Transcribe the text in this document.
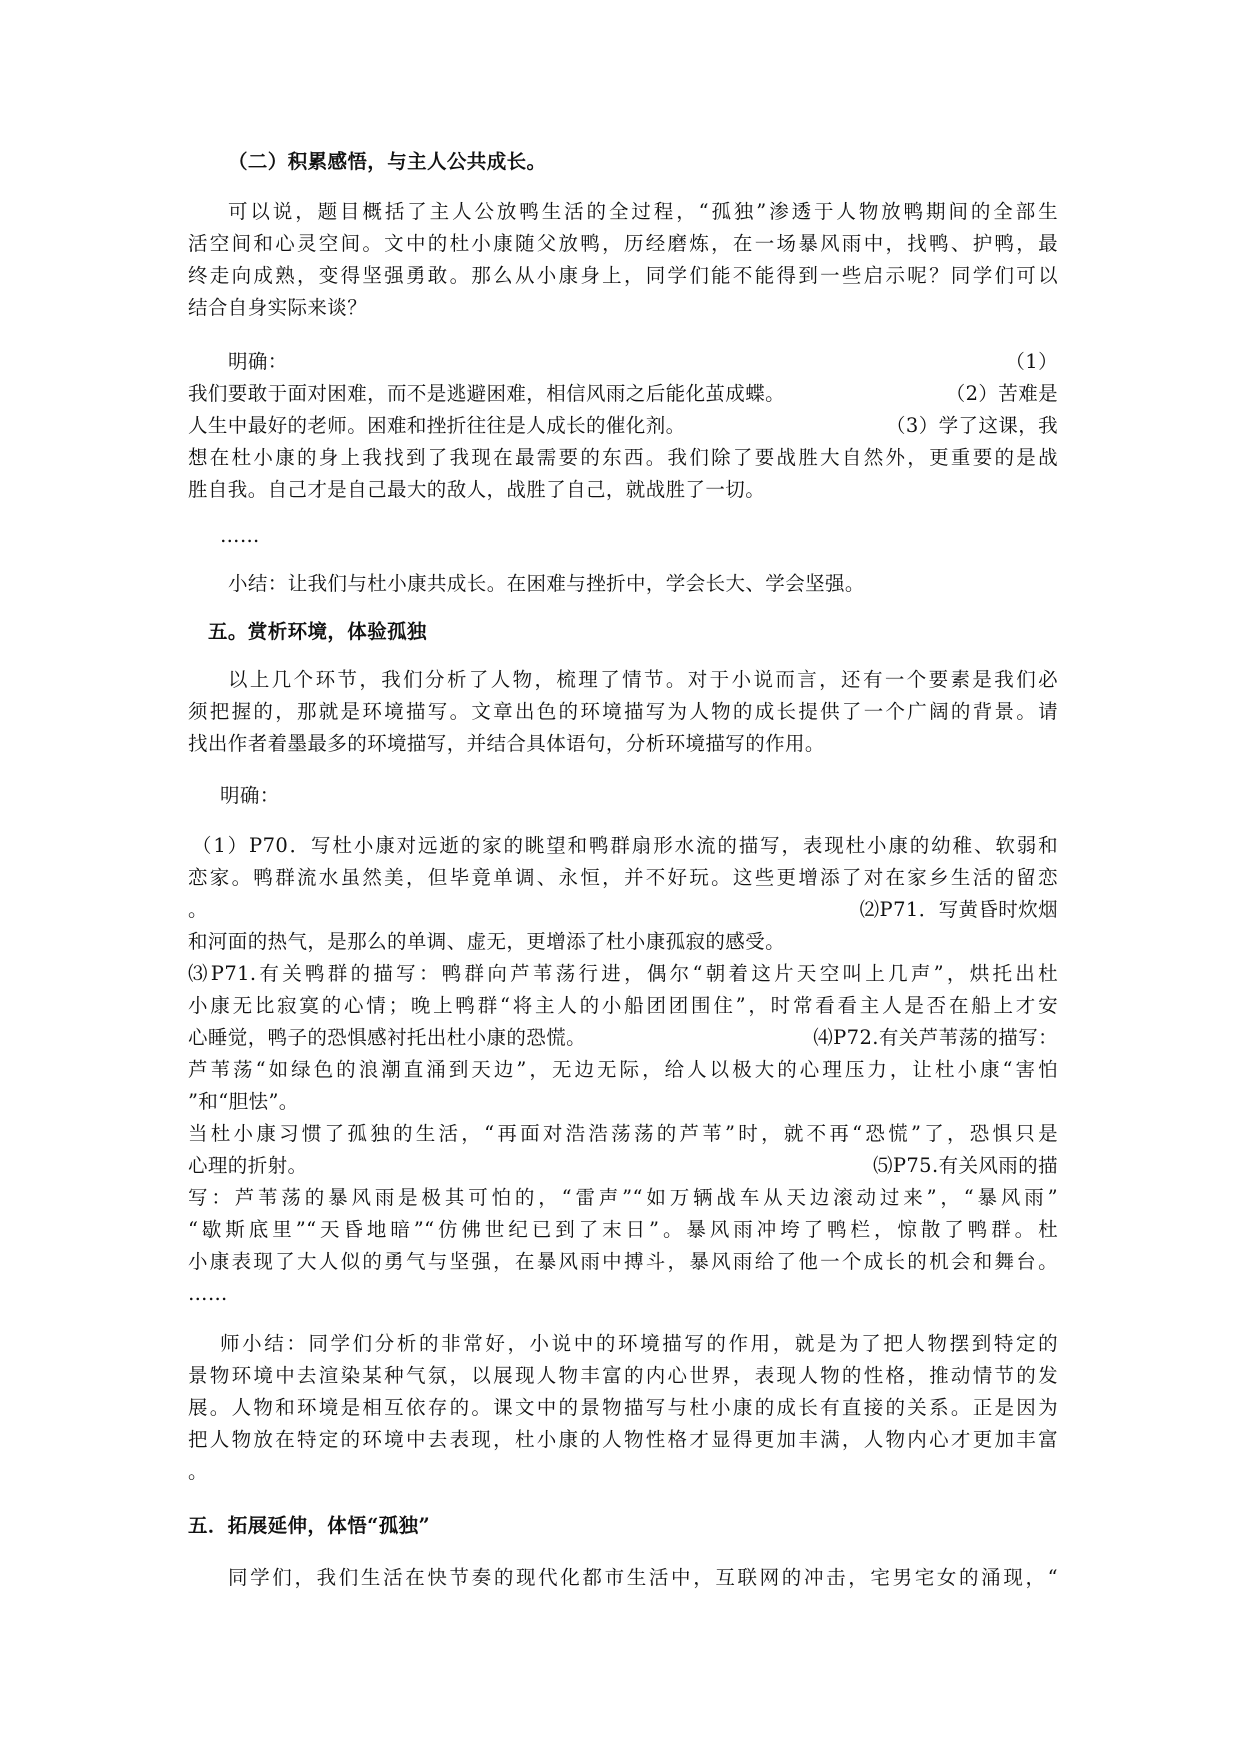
（二）积累感悟，与主人公共成长。
可以说，题目概括了主人公放鸭生活的全过程，“孤独”渗透于人物放鸭期间的全部生
活空间和心灵空间。文中的杜小康随父放鸭，历经磨炼，在一场暴风雨中，找鸭、护鸭，最
终走向成熟，变得坚强勇敢。那么从小康身上，同学们能不能得到一些启示呢？同学们可以
结合自身实际来谈？
明确：	（1）
我们要敢于面对困难，而不是逃避困难，相信风雨之后能化茧成蝶。	（2）苦难是
人生中最好的老师。困难和挫折往往是人成长的催化剂。	（3）学了这课，我
想在杜小康的身上我找到了我现在最需要的东西。我们除了要战胜大自然外，更重要的是战
胜自我。自己才是自己最大的敌人，战胜了自己，就战胜了一切。
……
小结：让我们与杜小康共成长。在困难与挫折中，学会长大、学会坚强。
五。赏析环境，体验孤独
以上几个环节，我们分析了人物，梳理了情节。对于小说而言，还有一个要素是我们必
须把握的，那就是环境描写。文章出色的环境描写为人物的成长提供了一个广阔的背景。请
找出作者着墨最多的环境描写，并结合具体语句，分析环境描写的作用。
明确：
（1）P70．写杜小康对远逝的家的眺望和鸭群扇形水流的描写，表现杜小康的幼稚、软弱和
恋家。鸭群流水虽然美，但毕竟单调、永恒，并不好玩。这些更增添了对在家乡生活的留恋
。	⑵P71．写黄昏时炊烟
和河面的热气，是那么的单调、虚无，更增添了杜小康孤寂的感受。
⑶P71.有关鸭群的描写：鸭群向芦苇荡行进，偶尔“朝着这片天空叫上几声”，烘托出杜
小康无比寂寞的心情；晚上鸭群“将主人的小船团团围住”，时常看看主人是否在船上才安
心睡觉，鸭子的恐惧感衬托出杜小康的恐慌。	⑷P72.有关芦苇荡的描写：
芦苇荡“如绿色的浪潮直涌到天边”，无边无际，给人以极大的心理压力，让杜小康“害怕
”和“胆怯”。
当杜小康习惯了孤独的生活，“再面对浩浩荡荡的芦苇”时，就不再“恐慌”了，恐惧只是
心理的折射。	⑸P75.有关风雨的描
写：芦苇荡的暴风雨是极其可怕的，“雷声”“如万辆战车从天边滚动过来”，“暴风雨”
“歇斯底里”“天昏地暗”“仿佛世纪已到了末日”。暴风雨冲垮了鸭栏，惊散了鸭群。杜
小康表现了大人似的勇气与坚强，在暴风雨中搏斗，暴风雨给了他一个成长的机会和舞台。
……
师小结：同学们分析的非常好，小说中的环境描写的作用，就是为了把人物摆到特定的
景物环境中去渲染某种气氛，以展现人物丰富的内心世界，表现人物的性格，推动情节的发
展。人物和环境是相互依存的。课文中的景物描写与杜小康的成长有直接的关系。正是因为
把人物放在特定的环境中去表现，杜小康的人物性格才显得更加丰满，人物内心才更加丰富
。
五．拓展延伸，体悟“孤独”
同学们，我们生活在快节奏的现代化都市生活中，互联网的冲击，宅男宅女的涌现，“
